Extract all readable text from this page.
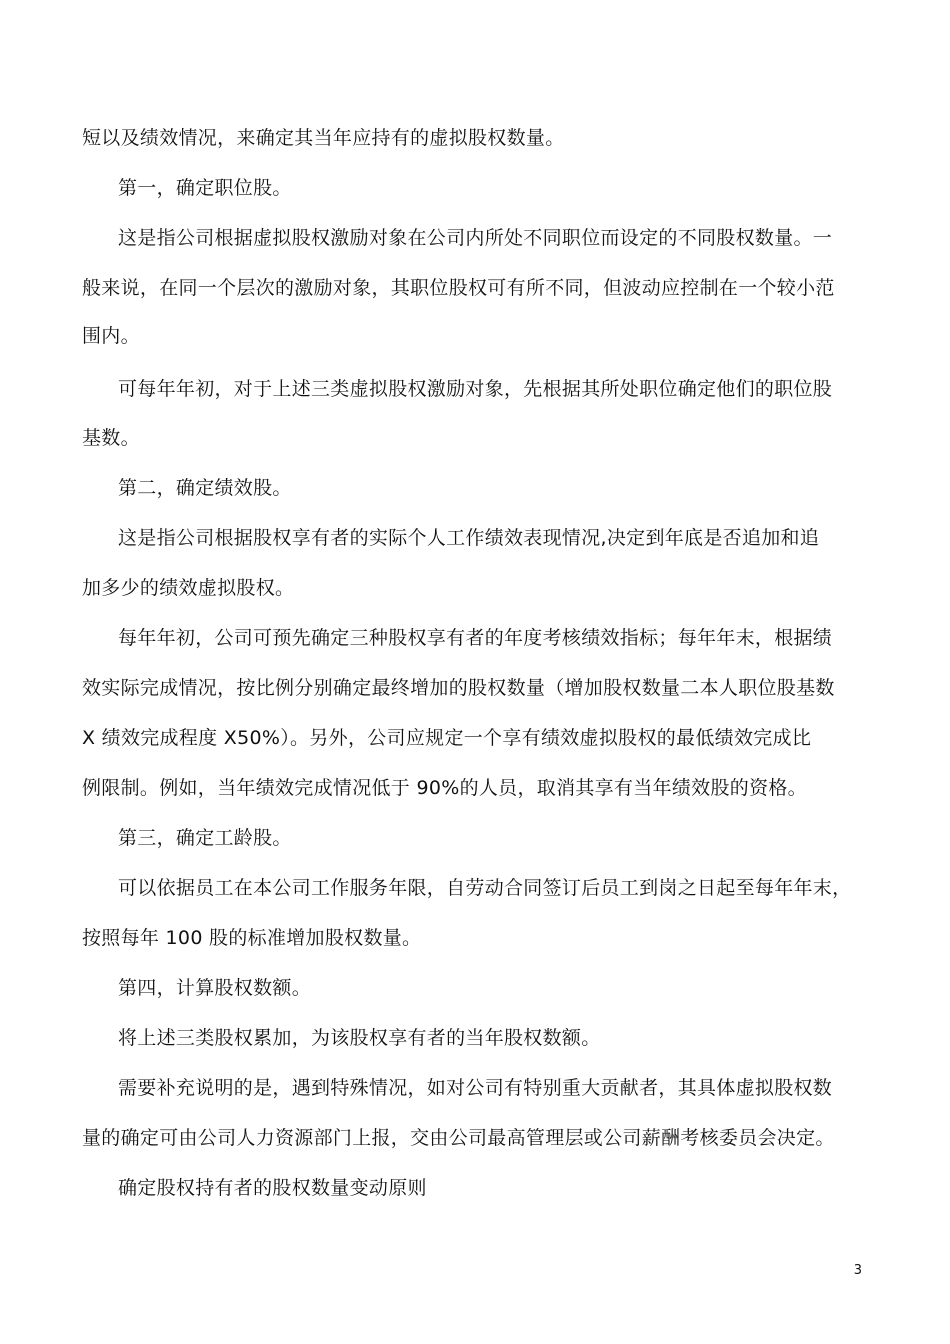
短以及绩效情况，来确定其当年应持有的虚拟股权数量。
第一，确定职位股。
这是指公司根据虚拟股权激励对象在公司内所处不同职位而设定的不同股权数量。一
般来说，在同一个层次的激励对象，其职位股权可有所不同，但波动应控制在一个较小范
围内。
可每年年初，对于上述三类虚拟股权激励对象，先根据其所处职位确定他们的职位股
基数。
第二，确定绩效股。
这是指公司根据股权享有者的实际个人工作绩效表现情况,决定到年底是否追加和追
加多少的绩效虚拟股权。
每年年初，公司可预先确定三种股权享有者的年度考核绩效指标；每年年末，根据绩
效实际完成情况，按比例分别确定最终增加的股权数量（增加股权数量二本人职位股基数
X 绩效完成程度 X50%）。另外，公司应规定一个享有绩效虚拟股权的最低绩效完成比
例限制。例如，当年绩效完成情况低于 90%的人员，取消其享有当年绩效股的资格。
第三，确定工龄股。
可以依据员工在本公司工作服务年限，自劳动合同签订后员工到岗之日起至每年年末，
按照每年 100 股的标准增加股权数量。
第四，计算股权数额。
将上述三类股权累加，为该股权享有者的当年股权数额。
需要补充说明的是，遇到特殊情况，如对公司有特别重大贡献者，其具体虚拟股权数
量的确定可由公司人力资源部门上报，交由公司最高管理层或公司薪酬考核委员会决定。
确定股权持有者的股权数量变动原则
3
